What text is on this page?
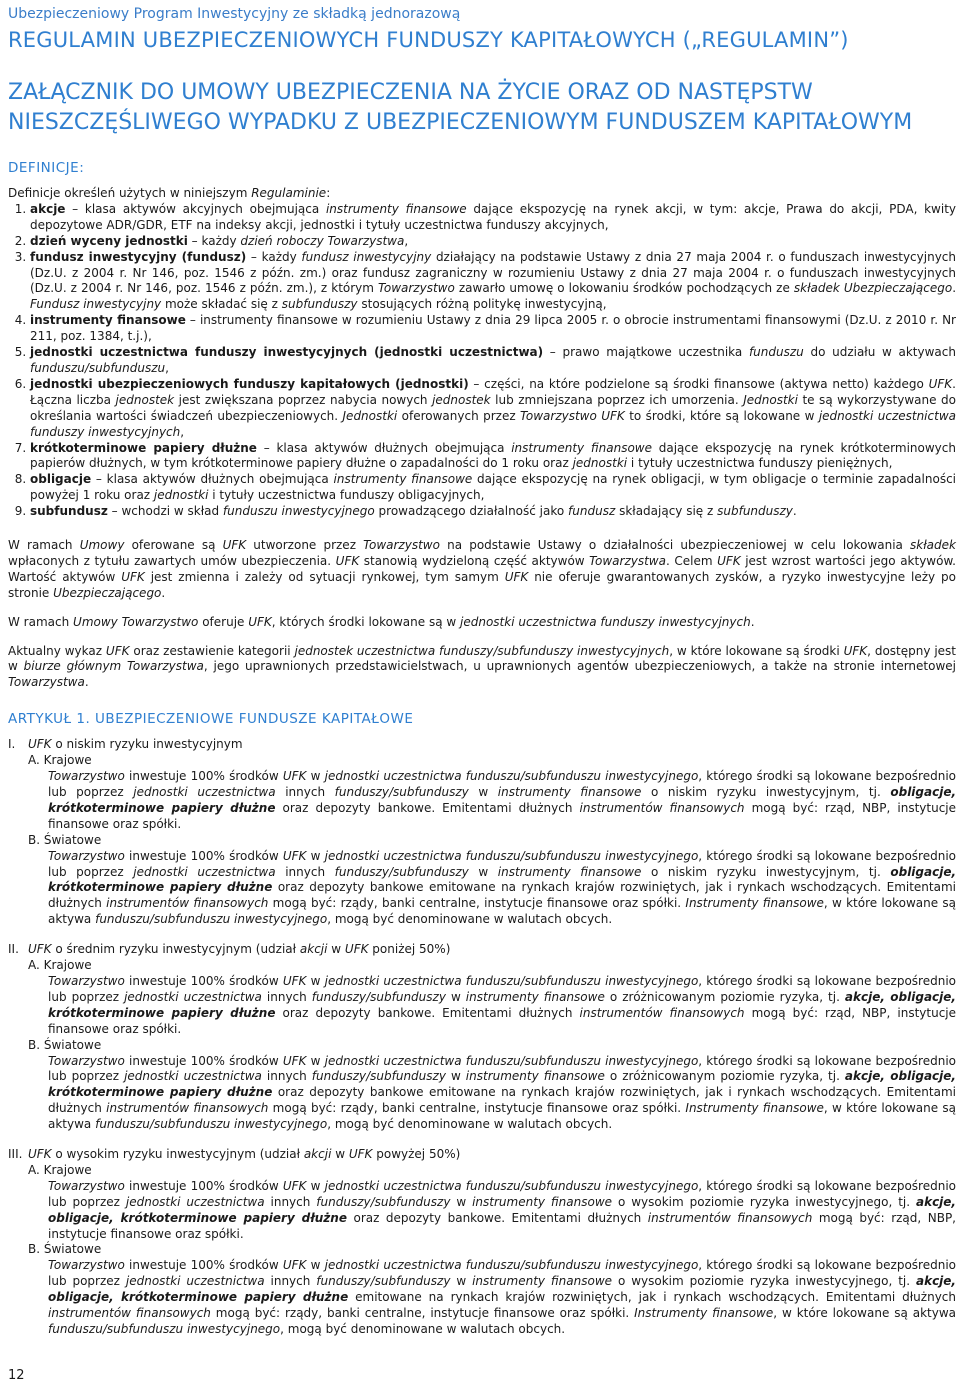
Ubezpieczeniowy Program Inwestycyjny ze składką jednorazową
REGULAMIN UBEZPIECZENIOWYCH FUNDUSZY KAPITAŁOWYCH („REGULAMIN”)
ZAŁĄCZNIK DO UMOWY UBEZPIECZENIA NA ŻYCIE ORAZ OD NASTĘPSTW
NIESZCZĘŚLIWEGO WYPADKU Z UBEZPIECZENIOWYM FUNDUSZEM KAPITAŁOWYM
DEFINICJE:

Definicje określeń użytych w niniejszym Regulaminie:

1. akcje – klasa aktywów akcyjnych obejmująca instrumenty finansowe dające ekspozycję na rynek akcji, w tym: akcje, Prawa do akcji, PDA, kwity depozytowe ADR/GDR, ETF na indeksy akcji, jednostki i tytuły uczestnictwa funduszy akcyjnych,
2. dzień wyceny jednostki – każdy dzień roboczy Towarzystwa,
3. fundusz inwestycyjny (fundusz) – każdy fundusz inwestycyjny działający na podstawie Ustawy z dnia 27 maja 2004 r. o funduszach inwestycyjnych (Dz.U. z 2004 r. Nr 146, poz. 1546 z późn. zm.) oraz fundusz zagraniczny w rozumieniu Ustawy z dnia 27 maja 2004 r. o funduszach inwestycyjnych (Dz.U. z 2004 r. Nr 146, poz. 1546 z późn. zm.), z którym Towarzystwo zawarło umowę o lokowaniu środków pochodzących ze składek Ubezpieczającego. Fundusz inwestycyjny może składać się z subfunduszy stosujących różną politykę inwestycyjną,
4. instrumenty finansowe – instrumenty finansowe w rozumieniu Ustawy z dnia 29 lipca 2005 r. o obrocie instrumentami finansowymi (Dz.U. z 2010 r. Nr 211, poz. 1384, t.j.),
5. jednostki uczestnictwa funduszy inwestycyjnych (jednostki uczestnictwa) – prawo majątkowe uczestnika funduszu do udziału w aktywach funduszu/subfunduszu,
6. jednostki ubezpieczeniowych funduszy kapitałowych (jednostki) – części, na które podzielone są środki finansowe (aktywa netto) każdego UFK. Łączna liczba jednostek jest zwiększana poprzez nabycia nowych jednostek lub zmniejszana poprzez ich umorzenia. Jednostki te są wykorzystywane do określania wartości świadczeń ubezpieczeniowych. Jednostki oferowanych przez Towarzystwo UFK to środki, które są lokowane w jednostki uczestnictwa funduszy inwestycyjnych,
7. krótkoterminowe papiery dłużne – klasa aktywów dłużnych obejmująca instrumenty finansowe dające ekspozycję na rynek krótkoterminowych papierów dłużnych, w tym krótkoterminowe papiery dłużne o zapadalności do 1 roku oraz jednostki i tytuły uczestnictwa funduszy pieniężnych,
8. obligacje – klasa aktywów dłużnych obejmująca instrumenty finansowe dające ekspozycję na rynek obligacji, w tym obligacje o terminie zapadalności powyżej 1 roku oraz jednostki i tytuły uczestnictwa funduszy obligacyjnych,
9. subfundusz – wchodzi w skład funduszu inwestycyjnego prowadzącego działalność jako fundusz składający się z subfunduszy.

W ramach Umowy oferowane są UFK utworzone przez Towarzystwo na podstawie Ustawy o działalności ubezpieczeniowej w celu lokowania składek wpłaconych z tytułu zawartych umów ubezpieczenia. UFK stanowią wydzieloną część aktywów Towarzystwa. Celem UFK jest wzrost wartości jego aktywów. Wartość aktywów UFK jest zmienna i zależy od sytuacji rynkowej, tym samym UFK nie oferuje gwarantowanych zysków, a ryzyko inwestycyjne leży po stronie Ubezpieczającego.

W ramach Umowy Towarzystwo oferuje UFK, których środki lokowane są w jednostki uczestnictwa funduszy inwestycyjnych.

Aktualny wykaz UFK oraz zestawienie kategorii jednostek uczestnictwa funduszy/subfunduszy inwestycyjnych, w które lokowane są środki UFK, dostępny jest w biurze głównym Towarzystwa, jego uprawnionych przedstawicielstwach, u uprawnionych agentów ubezpieczeniowych, a także na stronie internetowej Towarzystwa.

ARTYKUŁ 1. UBEZPIECZENIOWE FUNDUSZE KAPITAŁOWE
I.	UFK o niskim ryzyku inwestycyjnym
A. Krajowe
Towarzystwo inwestuje 100% środków UFK w jednostki uczestnictwa funduszu/subfunduszu inwestycyjnego, którego środki są lokowane bezpośrednio lub poprzez jednostki uczestnictwa innych funduszy/subfunduszy w instrumenty finansowe o niskim ryzyku inwestycyjnym, tj. obligacje, krótkoterminowe papiery dłużne oraz depozyty bankowe. Emitentami dłużnych instrumentów finansowych mogą być: rząd, NBP, instytucje finansowe oraz spółki.
B. Światowe
Towarzystwo inwestuje 100% środków UFK w jednostki uczestnictwa funduszu/subfunduszu inwestycyjnego, którego środki są lokowane bezpośrednio lub poprzez jednostki uczestnictwa innych funduszy/subfunduszy w instrumenty finansowe o niskim ryzyku inwestycyjnym, tj. obligacje, krótkoterminowe papiery dłużne oraz depozyty bankowe emitowane na rynkach krajów rozwiniętych, jak i rynkach wschodzących. Emitentami dłużnych instrumentów finansowych mogą być: rządy, banki centralne, instytucje finansowe oraz spółki. Instrumenty finansowe, w które lokowane są aktywa funduszu/subfunduszu inwestycyjnego, mogą być denominowane w walutach obcych.
II. UFK o średnim ryzyku inwestycyjnym (udział akcji w UFK poniżej 50%)
A. Krajowe
Towarzystwo inwestuje 100% środków UFK w jednostki uczestnictwa funduszu/subfunduszu inwestycyjnego, którego środki są lokowane bezpośrednio lub poprzez jednostki uczestnictwa innych funduszy/subfunduszy w instrumenty finansowe o zróżnicowanym poziomie ryzyka, tj. akcje, obligacje, krótkoterminowe papiery dłużne oraz depozyty bankowe. Emitentami dłużnych instrumentów finansowych mogą być: rząd, NBP, instytucje finansowe oraz spółki.
B. Światowe
Towarzystwo inwestuje 100% środków UFK w jednostki uczestnictwa funduszu/subfunduszu inwestycyjnego, którego środki są lokowane bezpośrednio lub poprzez jednostki uczestnictwa innych funduszy/subfunduszy w instrumenty finansowe o zróżnicowanym poziomie ryzyka, tj. akcje, obligacje, krótkoterminowe papiery dłużne oraz depozyty bankowe emitowane na rynkach krajów rozwiniętych, jak i rynkach wschodzących. Emitentami dłużnych instrumentów finansowych mogą być: rządy, banki centralne, instytucje finansowe oraz spółki. Instrumenty finansowe, w które lokowane są aktywa funduszu/subfunduszu inwestycyjnego, mogą być denominowane w walutach obcych.
III. UFK o wysokim ryzyku inwestycyjnym (udział akcji w UFK powyżej 50%)
A. Krajowe
Towarzystwo inwestuje 100% środków UFK w jednostki uczestnictwa funduszu/subfunduszu inwestycyjnego, którego środki są lokowane bezpośrednio lub poprzez jednostki uczestnictwa innych funduszy/subfunduszy w instrumenty finansowe o wysokim poziomie ryzyka inwestycyjnego, tj. akcje, obligacje, krótkoterminowe papiery dłużne oraz depozyty bankowe. Emitentami dłużnych instrumentów finansowych mogą być: rząd, NBP, instytucje finansowe oraz spółki.
B. Światowe
Towarzystwo inwestuje 100% środków UFK w jednostki uczestnictwa funduszu/subfunduszu inwestycyjnego, którego środki są lokowane bezpośrednio lub poprzez jednostki uczestnictwa innych funduszy/subfunduszy w instrumenty finansowe o wysokim poziomie ryzyka inwestycyjnego, tj. akcje, obligacje, krótkoterminowe papiery dłużne emitowane na rynkach krajów rozwiniętych, jak i rynkach wschodzących. Emitentami dłużnych instrumentów finansowych mogą być: rządy, banki centralne, instytucje finansowe oraz spółki. Instrumenty finansowe, w które lokowane są aktywa funduszu/subfunduszu inwestycyjnego, mogą być denominowane w walutach obcych.
12
